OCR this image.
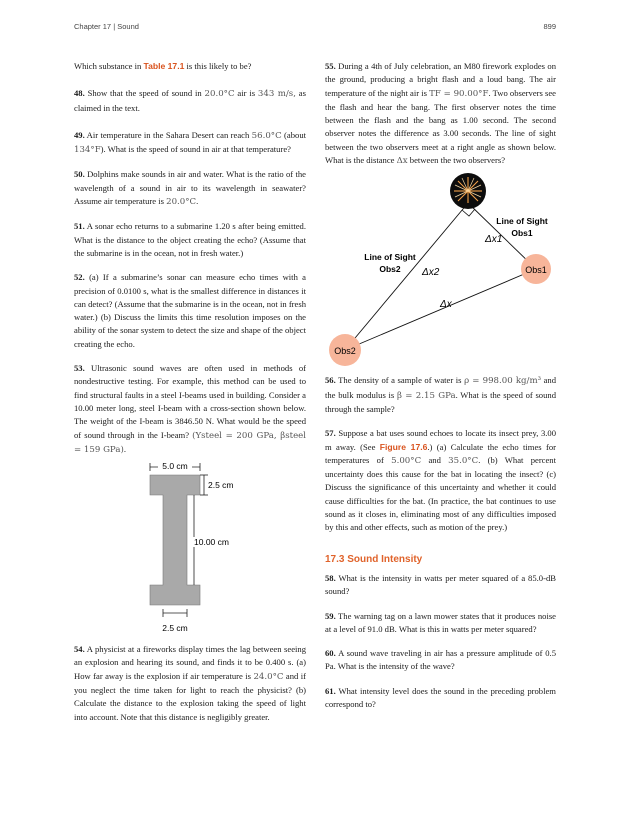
Chapter 17 | Sound	899

Which substance in Table 17.1 is this likely to be?

48. Show that the speed of sound in 20.0°C air is 343 m/s, as claimed in the text.

49. Air temperature in the Sahara Desert can reach 56.0°C (about 134°F). What is the speed of sound in air at that temperature?

50. Dolphins make sounds in air and water. What is the ratio of the wavelength of a sound in air to its wavelength in seawater? Assume air temperature is 20.0°C.

51. A sonar echo returns to a submarine 1.20 s after being emitted. What is the distance to the object creating the echo? (Assume that the submarine is in the ocean, not in fresh water.)

52. (a) If a submarine’s sonar can measure echo times with a precision of 0.0100 s, what is the smallest difference in distances it can detect? (Assume that the submarine is in the ocean, not in fresh water.) (b) Discuss the limits this time resolution imposes on the ability of the sonar system to detect the size and shape of the object creating the echo.

53. Ultrasonic sound waves are often used in methods of nondestructive testing. For example, this method can be used to find structural faults in a steel I-beams used in building. Consider a 10.00 meter long, steel I-beam with a cross-section shown below. The weight of the I-beam is 3846.50 N. What would be the speed of sound through in the I-beam? (Ysteel = 200 GPa, βsteel = 159 GPa).

5.0 cm
2.5 cm
10.00 cm
2.5 cm

54. A physicist at a fireworks display times the lag between seeing an explosion and hearing its sound, and finds it to be 0.400 s. (a) How far away is the explosion if air temperature is 24.0°C and if you neglect the time taken for light to reach the physicist? (b) Calculate the distance to the explosion taking the speed of light into account. Note that this distance is negligibly greater.

55. During a 4th of July celebration, an M80 firework explodes on the ground, producing a bright flash and a loud bang. The air temperature of the night air is TF = 90.00°F. Two observers see the flash and hear the bang. The first observer notes the time between the flash and the bang as 1.00 second. The second observer notes the difference as 3.00 seconds. The line of sight between the two observers meet at a right angle as shown below. What is the distance Δx between the two observers?

Obs1
Obs2
Line of Sight
Obs1
Line of Sight
Obs2
Δx1
Δx2
Δx

56. The density of a sample of water is ρ = 998.00 kg/m³ and the bulk modulus is β = 2.15 GPa. What is the speed of sound through the sample?

57. Suppose a bat uses sound echoes to locate its insect prey, 3.00 m away. (See Figure 17.6.) (a) Calculate the echo times for temperatures of 5.00°C and 35.0°C. (b) What percent uncertainty does this cause for the bat in locating the insect? (c) Discuss the significance of this uncertainty and whether it could cause difficulties for the bat. (In practice, the bat continues to use sound as it closes in, eliminating most of any difficulties imposed by this and other effects, such as motion of the prey.)

17.3 Sound Intensity

58. What is the intensity in watts per meter squared of a 85.0-dB sound?

59. The warning tag on a lawn mower states that it produces noise at a level of 91.0 dB. What is this in watts per meter squared?

60. A sound wave traveling in air has a pressure amplitude of 0.5 Pa. What is the intensity of the wave?

61. What intensity level does the sound in the preceding problem correspond to?
